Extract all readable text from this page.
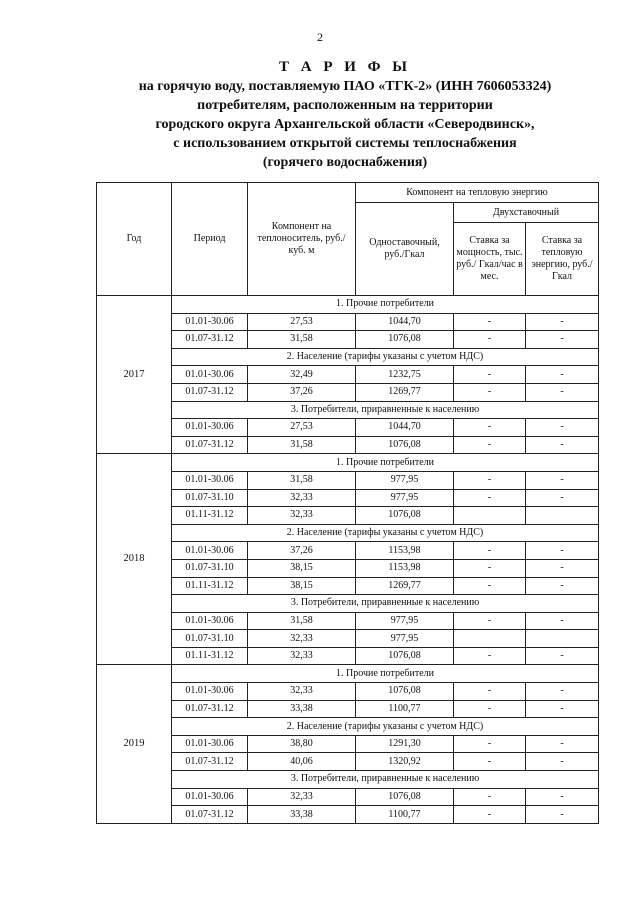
2
Т А Р И Ф Ы
на горячую воду, поставляемую ПАО «ТГК-2» (ИНН 7606053324)
потребителям, расположенным на территории
городского округа Архангельской области «Северодвинск»,
с использованием открытой системы теплоснабжения
(горячего водоснабжения)
Год	Период	Компонент на теплоноситель, руб./куб. м	Компонент на тепловую энергию		
			Одноставочный, руб./Гкал	Двухставочный	
				Ставка за мощность, тыс. руб./ Гкал/час в мес.	Ставка за тепловую энергию, руб./Гкал
2017	1. Прочие потребители				
	01.01-30.06	27,53	1044,70	-	-
	01.07-31.12	31,58	1076,08	-	-
	2. Население (тарифы указаны с учетом НДС)				
	01.01-30.06	32,49	1232,75	-	-
	01.07-31.12	37,26	1269,77	-	-
	3. Потребители, приравненные к населению				
	01.01-30.06	27,53	1044,70	-	-
	01.07-31.12	31,58	1076,08	-	-
2018	1. Прочие потребители				
	01.01-30.06	31,58	977,95	-	-
	01.07-31.10	32,33	977,95	-	-
	01.11-31.12	32,33	1076,08		
	2. Население (тарифы указаны с учетом НДС)				
	01.01-30.06	37,26	1153,98	-	-
	01.07-31.10	38,15	1153,98	-	-
	01.11-31.12	38,15	1269,77	-	-
	3. Потребители, приравненные к населению				
	01.01-30.06	31,58	977,95	-	-
	01.07-31.10	32,33	977,95		
	01.11-31.12	32,33	1076,08	-	-
2019	1. Прочие потребители				
	01.01-30.06	32,33	1076,08	-	-
	01.07-31.12	33,38	1100,77	-	-
	2. Население (тарифы указаны с учетом НДС)				
	01.01-30.06	38,80	1291,30	-	-
	01.07-31.12	40,06	1320,92	-	-
	3. Потребители, приравненные к населению				
	01.01-30.06	32,33	1076,08	-	-
	01.07-31.12	33,38	1100,77	-	-
